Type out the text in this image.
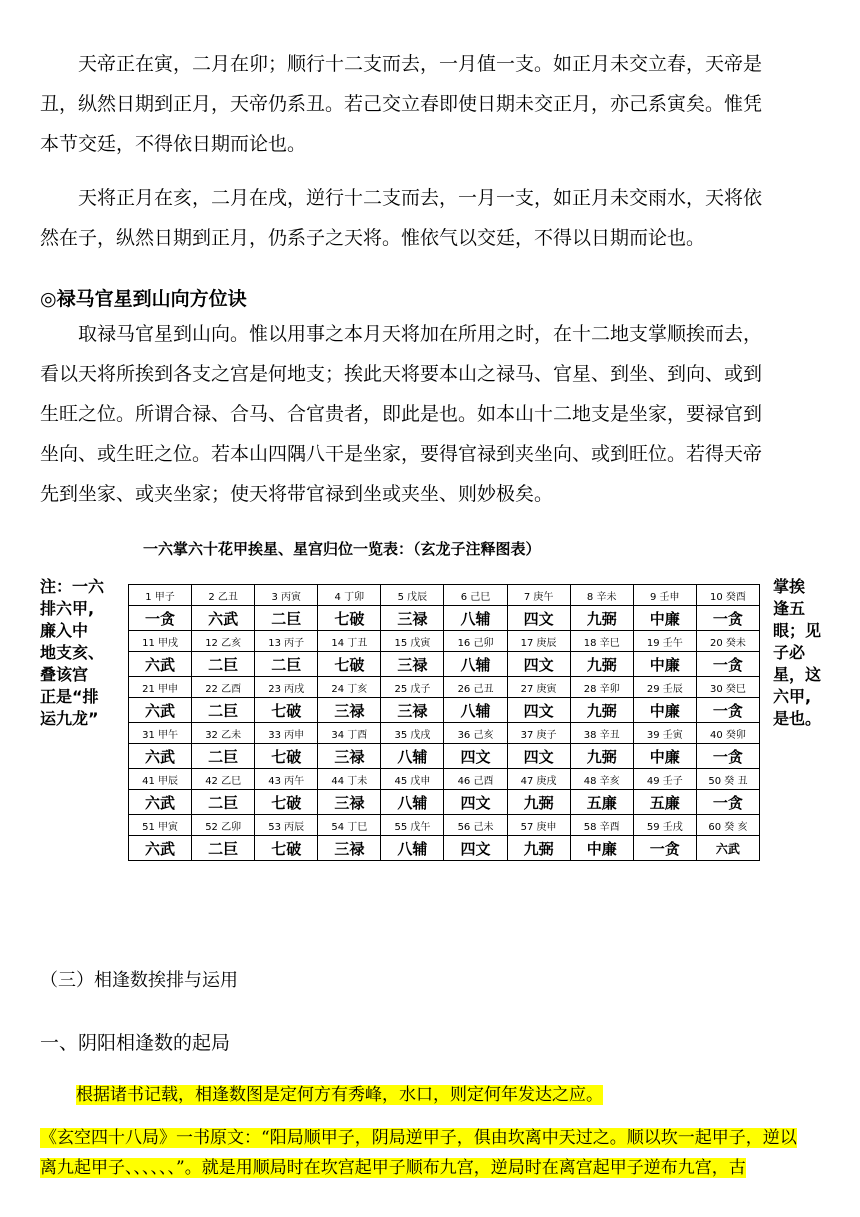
天帝正在寅，二月在卯；顺行十二支而去，一月值一支。如正月未交立春，天帝是
丑，纵然日期到正月，天帝仍系丑。若己交立春即使日期未交正月，亦己系寅矣。惟凭
本节交廷，不得依日期而论也。
天将正月在亥，二月在戌，逆行十二支而去，一月一支，如正月未交雨水，天将依
然在子，纵然日期到正月，仍系子之天将。惟依气以交廷，不得以日期而论也。
◎禄马官星到山向方位诀
取禄马官星到山向。惟以用事之本月天将加在所用之时，在十二地支掌顺挨而去，
看以天将所挨到各支之宫是何地支；挨此天将要本山之禄马、官星、到坐、到向、或到
生旺之位。所谓合禄、合马、合官贵者，即此是也。如本山十二地支是坐家，要禄官到
坐向、或生旺之位。若本山四隅八干是坐家，要得官禄到夹坐向、或到旺位。若得天帝
先到坐家、或夹坐家；使天将带官禄到坐或夹坐、则妙极矣。
一六掌六十花甲挨星、星宫归位一览表：（玄龙子注释图表）
注：一六
排六甲,
廉入中
地支亥、
叠该宫
正是“排
运九龙”
掌挨
逢五
眼；见
子必
星，这
六甲,
是也。
1 甲子	2 乙丑	3 丙寅	4 丁卯	5 戊辰	6 己巳	7 庚午	8 辛未	9 壬申	10 癸酉
一贪	六武	二巨	七破	三禄	八辅	四文	九弼	中廉	一贪
11 甲戌	12 乙亥	13 丙子	14 丁丑	15 戊寅	16 己卯	17 庚辰	18 辛巳	19 壬午	20 癸未
六武	二巨	二巨	七破	三禄	八辅	四文	九弼	中廉	一贪
21 甲申	22 乙酉	23 丙戌	24 丁亥	25 戊子	26 己丑	27 庚寅	28 辛卯	29 壬辰	30 癸巳
六武	二巨	七破	三禄	三禄	八辅	四文	九弼	中廉	一贪
31 甲午	32 乙未	33 丙申	34 丁酉	35 戊戌	36 己亥	37 庚子	38 辛丑	39 壬寅	40 癸卯
六武	二巨	七破	三禄	八辅	四文	四文	九弼	中廉	一贪
41 甲辰	42 乙巳	43 丙午	44 丁未	45 戊申	46 己酉	47 庚戌	48 辛亥	49 壬子	50 癸 丑
六武	二巨	七破	三禄	八辅	四文	九弼	五廉	五廉	一贪
51 甲寅	52 乙卯	53 丙辰	54 丁巳	55 戊午	56 己未	57 庚申	58 辛酉	59 壬戌	60 癸 亥
六武	二巨	七破	三禄	八辅	四文	九弼	中廉	一贪	六武
（三）相逢数挨排与运用
一、阴阳相逢数的起局
根据诸书记载，相逢数图是定何方有秀峰，水口，则定何年发达之应。
《玄空四十八局》一书原文：“阳局顺甲子，阴局逆甲子，俱由坎离中天过之。顺以坎一起甲子，逆以
离九起甲子、、、、、、”。就是用顺局时在坎宫起甲子顺布九宫，逆局时在离宫起甲子逆布九宫，古
